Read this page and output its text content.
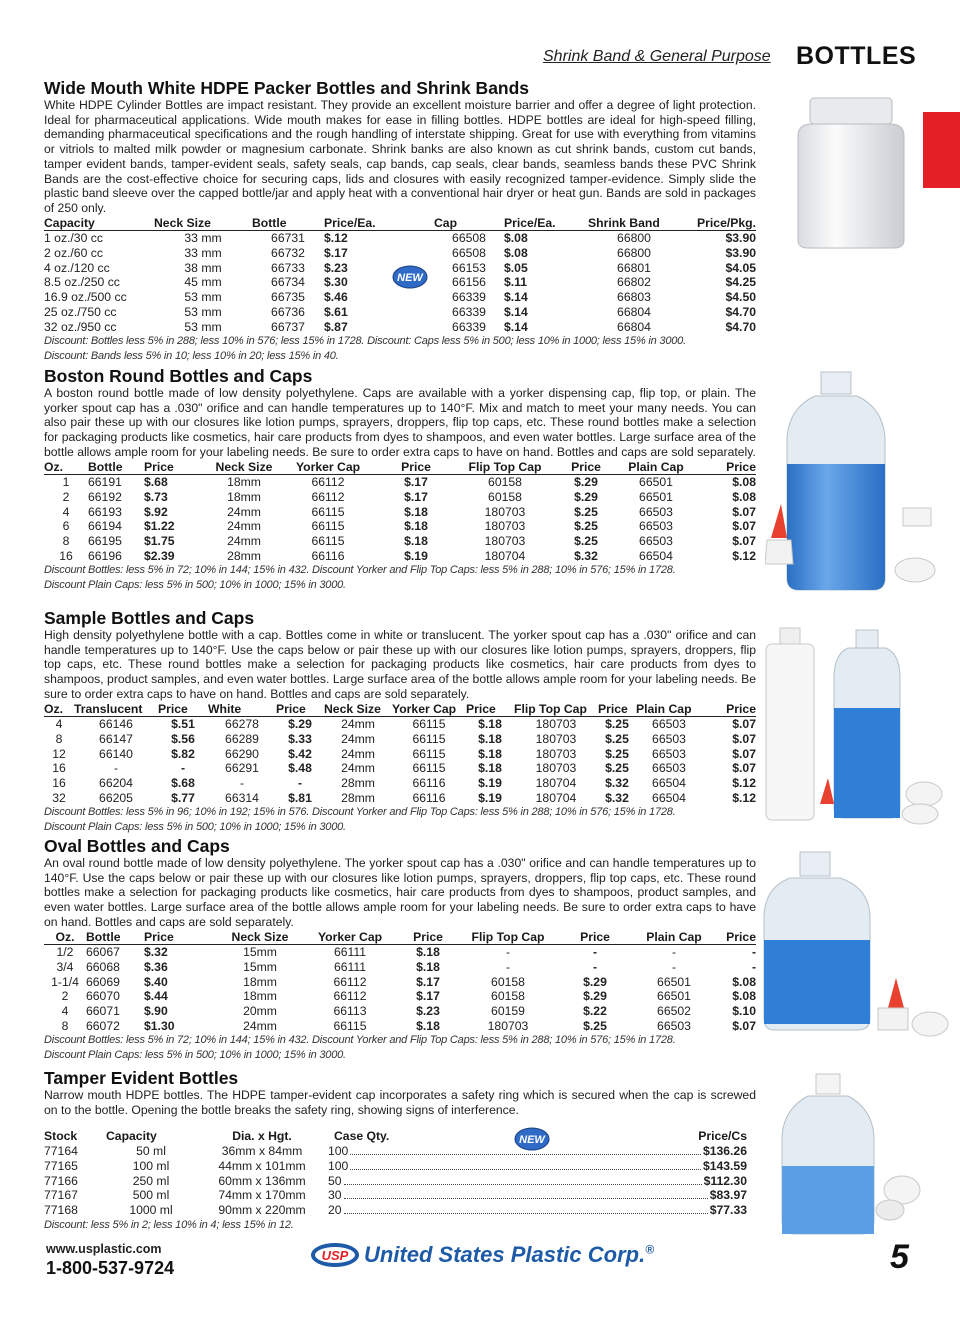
Shrink Band & General Purpose BOTTLES
Wide Mouth White HDPE Packer Bottles and Shrink Bands
White HDPE Cylinder Bottles are impact resistant. They provide an excellent moisture barrier and offer a degree of light protection. Ideal for pharmaceutical applications. Wide mouth makes for ease in filling bottles. HDPE bottles are ideal for high-speed filling, demanding pharmaceutical specifications and the rough handling of interstate shipping. Great for use with everything from vitamins or vitriols to malted milk powder or magnesium carbonate. Shrink banks are also known as cut shrink bands, custom cut bands, tamper evident bands, tamper-evident seals, safety seals, cap bands, cap seals, clear bands, seamless bands these PVC Shrink Bands are the cost-effective choice for securing caps, lids and closures with easily recognized tamper-evidence. Simply slide the plastic band sleeve over the capped bottle/jar and apply heat with a conventional hair dryer or heat gun. Bands are sold in packages of 250 only.
Capacity	Neck Size	Bottle	Price/Ea.	Cap	Price/Ea.	Shrink Band	Price/Pkg.
1 oz./30 cc	33 mm	66731	$.12	66508	$.08	66800	$3.90
2 oz./60 cc	33 mm	66732	$.17	66508	$.08	66800	$3.90
4 oz./120 cc	38 mm	66733	$.23	66153	$.05	66801	$4.05
8.5 oz./250 cc	45 mm	66734	$.30	66156	$.11	66802	$4.25
16.9 oz./500 cc	53 mm	66735	$.46	66339	$.14	66803	$4.50
25 oz./750 cc	53 mm	66736	$.61	66339	$.14	66804	$4.70
32 oz./950 cc	53 mm	66737	$.87	66339	$.14	66804	$4.70
Discount: Bottles less 5% in 288; less 10% in 576; less 15% in 1728. Discount: Caps less 5% in 500; less 10% in 1000; less 15% in 3000.
Discount: Bands less 5% in 10; less 10% in 20; less 15% in 40.
NEW
Boston Round Bottles and Caps
A boston round bottle made of low density polyethylene. Caps are available with a yorker dispensing cap, flip top, or plain. The yorker spout cap has a .030" orifice and can handle temperatures up to 140°F. Mix and match to meet your many needs. You can also pair these up with our closures like lotion pumps, sprayers, droppers, flip top caps, etc. These round bottles make a selection for packaging products like cosmetics, hair care products from dyes to shampoos, and even water bottles. Large surface area of the bottle allows ample room for your labeling needs. Be sure to order extra caps to have on hand. Bottles and caps are sold separately.
Oz.	Bottle	Price	Neck Size	Yorker Cap	Price	Flip Top Cap	Price	Plain Cap	Price
1	66191	$.68	18mm	66112	$.17	60158	$.29	66501	$.08
2	66192	$.73	18mm	66112	$.17	60158	$.29	66501	$.08
4	66193	$.92	24mm	66115	$.18	180703	$.25	66503	$.07
6	66194	$1.22	24mm	66115	$.18	180703	$.25	66503	$.07
8	66195	$1.75	24mm	66115	$.18	180703	$.25	66503	$.07
16	66196	$2.39	28mm	66116	$.19	180704	$.32	66504	$.12
Discount Bottles: less 5% in 72; 10% in 144; 15% in 432. Discount Yorker and Flip Top Caps: less 5% in 288; 10% in 576; 15% in 1728.
Discount Plain Caps: less 5% in 500; 10% in 1000; 15% in 3000.
Sample Bottles and Caps
High density polyethylene bottle with a cap. Bottles come in white or translucent. The yorker spout cap has a .030" orifice and can handle temperatures up to 140°F. Use the caps below or pair these up with our closures like lotion pumps, sprayers, droppers, flip top caps, etc. These round bottles make a selection for packaging products like cosmetics, hair care products from dyes to shampoos, product samples, and even water bottles. Large surface area of the bottle allows ample room for your labeling needs. Be sure to order extra caps to have on hand. Bottles and caps are sold separately.
Oz.	Translucent	Price	White	Price	Neck Size	Yorker Cap	Price	Flip Top Cap	Price	Plain Cap	Price
4	66146	$.51	66278	$.29	24mm	66115	$.18	180703	$.25	66503	$.07
8	66147	$.56	66289	$.33	24mm	66115	$.18	180703	$.25	66503	$.07
12	66140	$.82	66290	$.42	24mm	66115	$.18	180703	$.25	66503	$.07
16	-	-	66291	$.48	24mm	66115	$.18	180703	$.25	66503	$.07
16	66204	$.68	-	-	28mm	66116	$.19	180704	$.32	66504	$.12
32	66205	$.77	66314	$.81	28mm	66116	$.19	180704	$.32	66504	$.12
Discount Bottles: less 5% in 96; 10% in 192; 15% in 576. Discount Yorker and Flip Top Caps: less 5% in 288; 10% in 576; 15% in 1728.
Discount Plain Caps: less 5% in 500; 10% in 1000; 15% in 3000.
Oval Bottles and Caps
An oval round bottle made of low density polyethylene. The yorker spout cap has a .030" orifice and can handle temperatures up to 140°F. Use the caps below or pair these up with our closures like lotion pumps, sprayers, droppers, flip top caps, etc. These round bottles make a selection for packaging products like cosmetics, hair care products from dyes to shampoos, product samples, and even water bottles. Large surface area of the bottle allows ample room for your labeling needs. Be sure to order extra caps to have on hand. Bottles and caps are sold separately.
Oz.	Bottle	Price	Neck Size	Yorker Cap	Price	Flip Top Cap	Price	Plain Cap	Price
1/2	66067	$.32	15mm	66111	$.18	-	-	-	-
3/4	66068	$.36	15mm	66111	$.18	-	-	-	-
1-1/4	66069	$.40	18mm	66112	$.17	60158	$.29	66501	$.08
2	66070	$.44	18mm	66112	$.17	60158	$.29	66501	$.08
4	66071	$.90	20mm	66113	$.23	60159	$.22	66502	$.10
8	66072	$1.30	24mm	66115	$.18	180703	$.25	66503	$.07
Discount Bottles: less 5% in 72; 10% in 144; 15% in 432. Discount Yorker and Flip Top Caps: less 5% in 288; 10% in 576; 15% in 1728.
Discount Plain Caps: less 5% in 500; 10% in 1000; 15% in 3000.
Tamper Evident Bottles
Narrow mouth HDPE bottles. The HDPE tamper-evident cap incorporates a safety ring which is secured when the cap is screwed on to the bottle. Opening the bottle breaks the safety ring, showing signs of interference.
Stock	Capacity	Dia. x Hgt.	Case Qty.	Price/Cs
77164	50 ml	36mm x 84mm	100 $136.26	

77165	100 ml	44mm x 101mm	100 $143.59	

77166	250 ml	60mm x 136mm	50 $112.30	

77167	500 ml	74mm x 170mm	30 $83.97	

77168	1000 ml	90mm x 220mm	20 $77.33	
Discount: less 5% in 2; less 10% in 4; less 15% in 12.
NEW
www.usplastic.com
1-800-537-9724
USP United States Plastic Corp.®	5
